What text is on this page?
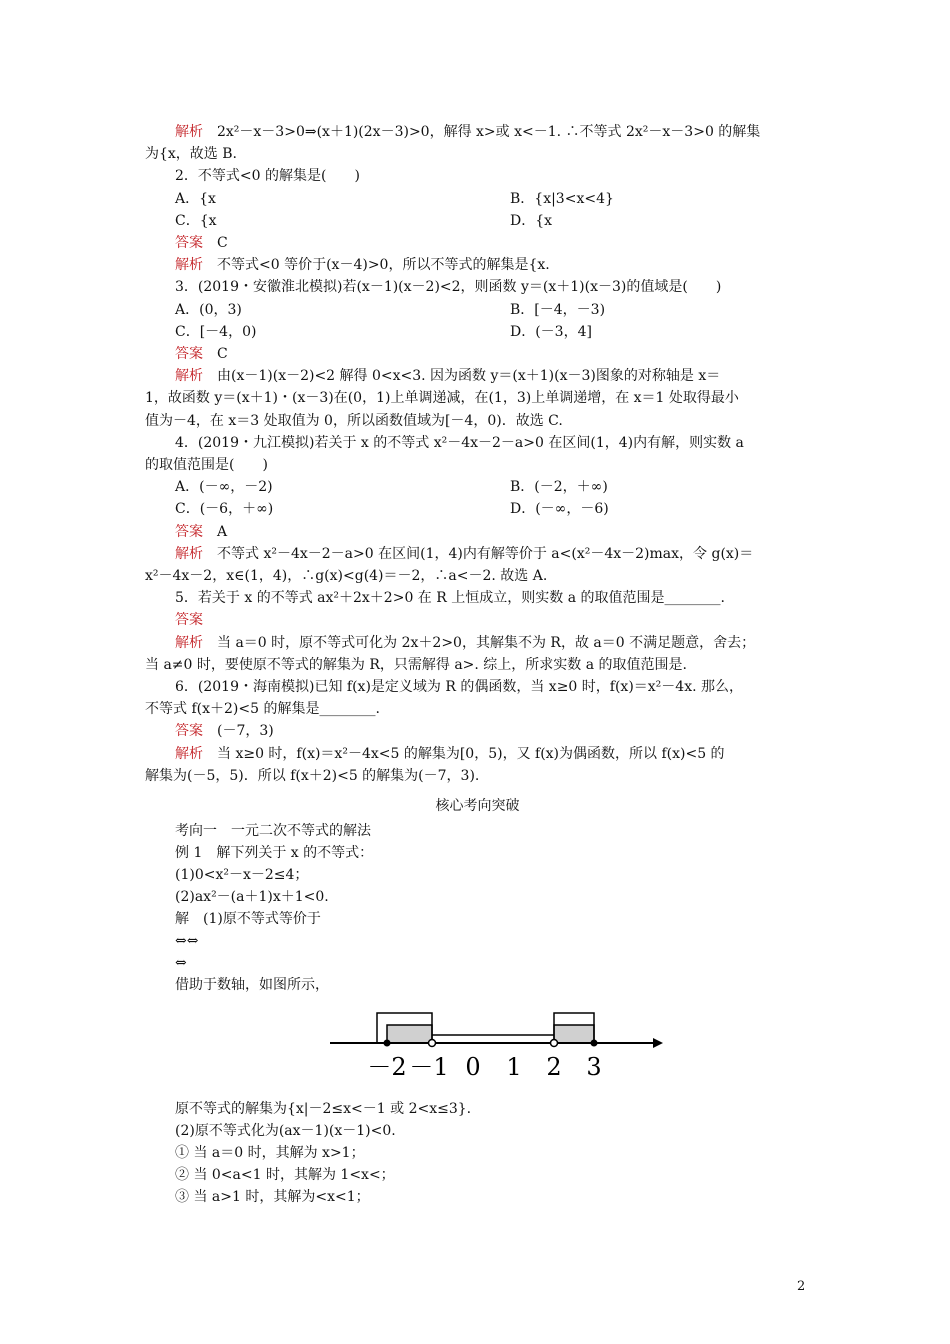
解析　2x²－x－3>0⇒(x＋1)(2x－3)>0，解得 x>或 x<－1. ∴不等式 2x²－x－3>0 的解集
为{x，故选 B.
2．不等式<0 的解集是(　　)
A．{x	B．{x|3<x<4}
C．{x	D．{x
答案　C
解析　不等式<0 等价于(x－4)>0，所以不等式的解集是{x.
3．(2019・安徽淮北模拟)若(x－1)(x－2)<2，则函数 y＝(x＋1)(x－3)的值域是(　　)
A．(0，3)	B．[－4，－3)
C．[－4，0)	D．(－3，4]
答案　C
解析　由(x－1)(x－2)<2 解得 0<x<3. 因为函数 y＝(x＋1)(x－3)图象的对称轴是 x＝
1，故函数 y＝(x＋1)・(x－3)在(0，1)上单调递减，在(1，3)上单调递增，在 x＝1 处取得最小
值为－4，在 x＝3 处取值为 0，所以函数值域为[－4，0)．故选 C.
4．(2019・九江模拟)若关于 x 的不等式 x²－4x－2－a>0 在区间(1，4)内有解，则实数 a
的取值范围是(　　)
A．(－∞，－2)	B．(－2，＋∞)
C．(－6，＋∞)	D．(－∞，－6)
答案　A
解析　不等式 x²－4x－2－a>0 在区间(1，4)内有解等价于 a<(x²－4x－2)max，令 g(x)＝
x²－4x－2，x∈(1，4)，∴g(x)<g(4)＝－2，∴a<－2. 故选 A.
5．若关于 x 的不等式 ax²＋2x＋2>0 在 R 上恒成立，则实数 a 的取值范围是________.
答案
解析　当 a＝0 时，原不等式可化为 2x＋2>0，其解集不为 R，故 a＝0 不满足题意，舍去；
当 a≠0 时，要使原不等式的解集为 R，只需解得 a>. 综上，所求实数 a 的取值范围是.
6．(2019・海南模拟)已知 f(x)是定义域为 R 的偶函数，当 x≥0 时，f(x)＝x²－4x. 那么，
不等式 f(x＋2)<5 的解集是________.
答案　(－7，3)
解析　当 x≥0 时，f(x)＝x²－4x<5 的解集为[0，5)，又 f(x)为偶函数，所以 f(x)<5 的
解集为(－5，5)．所以 f(x＋2)<5 的解集为(－7，3).
考向一　一元二次不等式的解法
例 1　解下列关于 x 的不等式：
(1)0<x²－x－2≤4；
(2)ax²－(a＋1)x＋1<0.
解　(1)原不等式等价于
⇔⇔
⇔
借助于数轴，如图所示，
原不等式的解集为{x|－2≤x<－1 或 2<x≤3}.
(2)原不等式化为(ax－1)(x－1)<0.
① 当 a＝0 时，其解为 x>1；
② 当 0<a<1 时，其解为 1<x<；
③ 当 a>1 时，其解为<x<1；
核心考向突破
－2 －1 0 1 2 3
2
